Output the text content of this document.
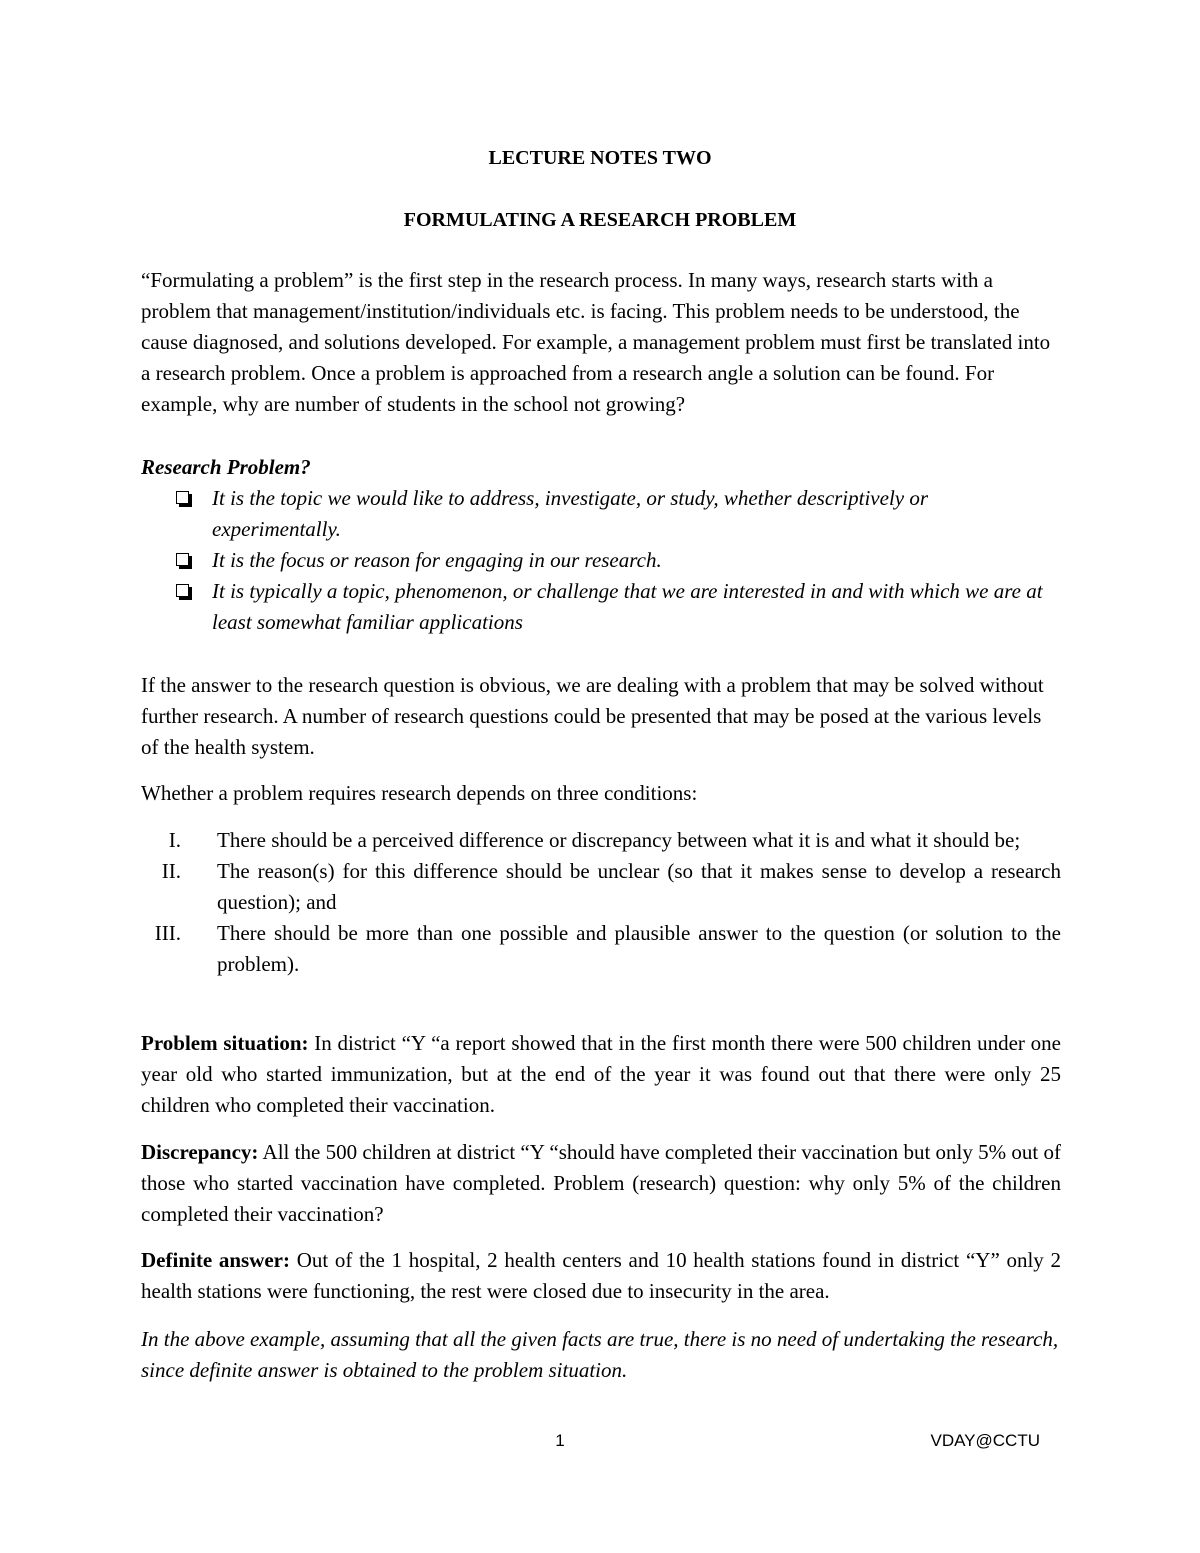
LECTURE NOTES TWO
FORMULATING A RESEARCH PROBLEM
“Formulating a problem” is the first step in the research process. In many ways, research starts with a problem that management/institution/individuals etc. is facing. This problem needs to be understood, the cause diagnosed, and solutions developed. For example, a management problem must first be translated into a research problem. Once a problem is approached from a research angle a solution can be found. For example, why are number of students in the school not growing?
Research Problem?
It is the topic we would like to address, investigate, or study, whether descriptively or experimentally.
It is the focus or reason for engaging in our research.
It is typically a topic, phenomenon, or challenge that we are interested in and with which we are at least somewhat familiar applications
If the answer to the research question is obvious, we are dealing with a problem that may be solved without further research. A number of research questions could be presented that may be posed at the various levels of the health system.
Whether a problem requires research depends on three conditions:
I. There should be a perceived difference or discrepancy between what it is and what it should be;
II. The reason(s) for this difference should be unclear (so that it makes sense to develop a research question); and
III. There should be more than one possible and plausible answer to the question (or solution to the problem).
Problem situation: In district “Y “a report showed that in the first month there were 500 children under one year old who started immunization, but at the end of the year it was found out that there were only 25 children who completed their vaccination.
Discrepancy: All the 500 children at district “Y “should have completed their vaccination but only 5% out of those who started vaccination have completed. Problem (research) question: why only 5% of the children completed their vaccination?
Definite answer: Out of the 1 hospital, 2 health centers and 10 health stations found in district “Y” only 2 health stations were functioning, the rest were closed due to insecurity in the area.
In the above example, assuming that all the given facts are true, there is no need of undertaking the research, since definite answer is obtained to the problem situation.
1	VDAY@CCTU
